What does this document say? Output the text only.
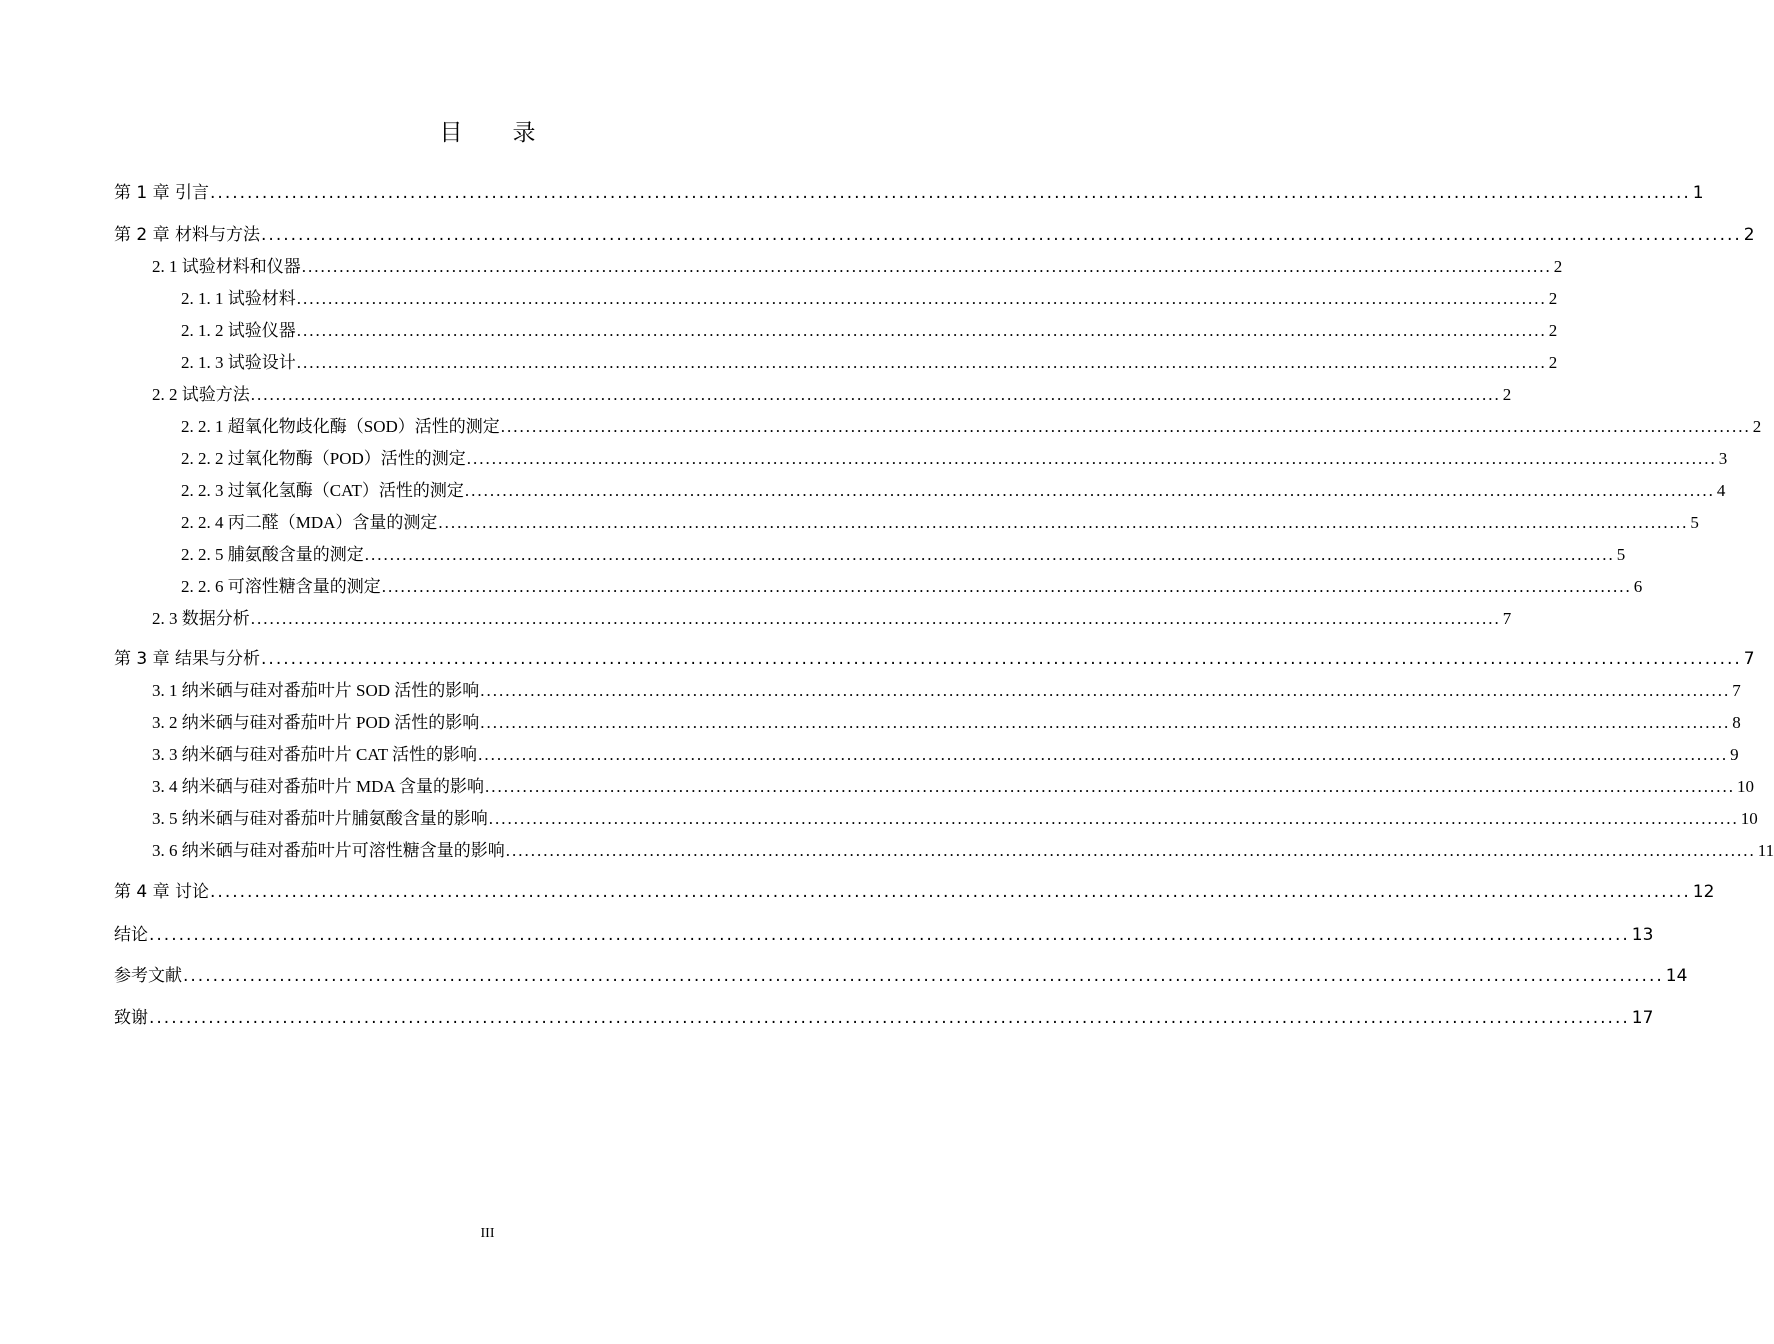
目 录
第 1 章 引言 ........................................................................................................................................................................................................ 1
第 2 章 材料与方法 ........................................................................................................................................................................................................ 2
2. 1 试验材料和仪器 ........................................................................................................................................................................................................ 2
2. 1. 1 试验材料 ........................................................................................................................................................................................................ 2
2. 1. 2 试验仪器 ........................................................................................................................................................................................................ 2
2. 1. 3 试验设计 ........................................................................................................................................................................................................ 2
2. 2 试验方法 ........................................................................................................................................................................................................ 2
2. 2. 1 超氧化物歧化酶（SOD）活性的测定 ........................................................................................................................................................................................................ 2
2. 2. 2 过氧化物酶（POD）活性的测定 ........................................................................................................................................................................................................ 3
2. 2. 3 过氧化氢酶（CAT）活性的测定 ........................................................................................................................................................................................................ 4
2. 2. 4 丙二醛（MDA）含量的测定 ........................................................................................................................................................................................................ 5
2. 2. 5 脯氨酸含量的测定 ........................................................................................................................................................................................................ 5
2. 2. 6 可溶性糖含量的测定 ........................................................................................................................................................................................................ 6
2. 3 数据分析 ........................................................................................................................................................................................................ 7
第 3 章 结果与分析 ........................................................................................................................................................................................................ 7
3. 1 纳米硒与硅对番茄叶片 SOD 活性的影响 ........................................................................................................................................................................................................ 7
3. 2 纳米硒与硅对番茄叶片 POD 活性的影响 ........................................................................................................................................................................................................ 8
3. 3 纳米硒与硅对番茄叶片 CAT 活性的影响 ........................................................................................................................................................................................................ 9
3. 4 纳米硒与硅对番茄叶片 MDA 含量的影响 ........................................................................................................................................................................................................ 10
3. 5 纳米硒与硅对番茄叶片脯氨酸含量的影响 ........................................................................................................................................................................................................ 10
3. 6 纳米硒与硅对番茄叶片可溶性糖含量的影响 ........................................................................................................................................................................................................ 11
第 4 章 讨论 ........................................................................................................................................................................................................ 12
结论 ........................................................................................................................................................................................................ 13
参考文献 ........................................................................................................................................................................................................ 14
致谢 ........................................................................................................................................................................................................ 17
III
